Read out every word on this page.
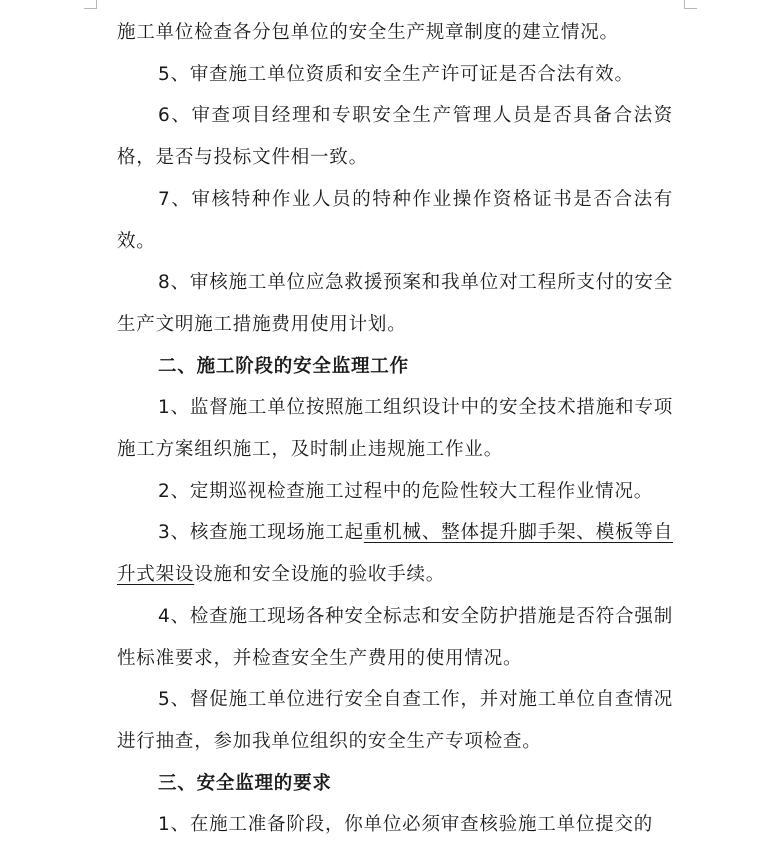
施工单位检查各分包单位的安全生产规章制度的建立情况。

5、审查施工单位资质和安全生产许可证是否合法有效。

6、审查项目经理和专职安全生产管理人员是否具备合法资格，是否与投标文件相一致。

7、审核特种作业人员的特种作业操作资格证书是否合法有效。

8、审核施工单位应急救援预案和我单位对工程所支付的安全生产文明施工措施费用使用计划。

二、施工阶段的安全监理工作

1、监督施工单位按照施工组织设计中的安全技术措施和专项施工方案组织施工，及时制止违规施工作业。

2、定期巡视检查施工过程中的危险性较大工程作业情况。

3、核查施工现场施工起重机械、整体提升脚手架、模板等自升式架设设施和安全设施的验收手续。

4、检查施工现场各种安全标志和安全防护措施是否符合强制性标准要求，并检查安全生产费用的使用情况。

5、督促施工单位进行安全自查工作，并对施工单位自查情况进行抽查，参加我单位组织的安全生产专项检查。

三、安全监理的要求

1、在施工准备阶段，你单位必须审查核验施工单位提交的
